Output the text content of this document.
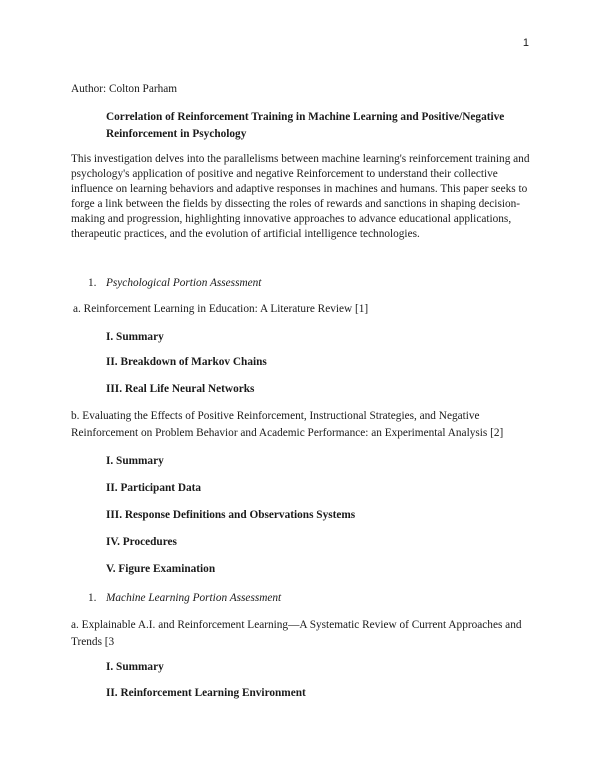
1
Author: Colton Parham
Correlation of Reinforcement Training in Machine Learning and Positive/Negative Reinforcement in Psychology
This investigation delves into the parallelisms between machine learning's reinforcement training and psychology's application of positive and negative Reinforcement to understand their collective influence on learning behaviors and adaptive responses in machines and humans. This paper seeks to forge a link between the fields by dissecting the roles of rewards and sanctions in shaping decision-making and progression, highlighting innovative approaches to advance educational applications, therapeutic practices, and the evolution of artificial intelligence technologies.
1. Psychological Portion Assessment
a. Reinforcement Learning in Education: A Literature Review [1]
I. Summary
II. Breakdown of Markov Chains
III. Real Life Neural Networks
b. Evaluating the Effects of Positive Reinforcement, Instructional Strategies, and Negative Reinforcement on Problem Behavior and Academic Performance: an Experimental Analysis [2]
I. Summary
II. Participant Data
III. Response Definitions and Observations Systems
IV. Procedures
V. Figure Examination
1. Machine Learning Portion Assessment
a. Explainable A.I. and Reinforcement Learning—A Systematic Review of Current Approaches and Trends [3
I. Summary
II. Reinforcement Learning Environment
